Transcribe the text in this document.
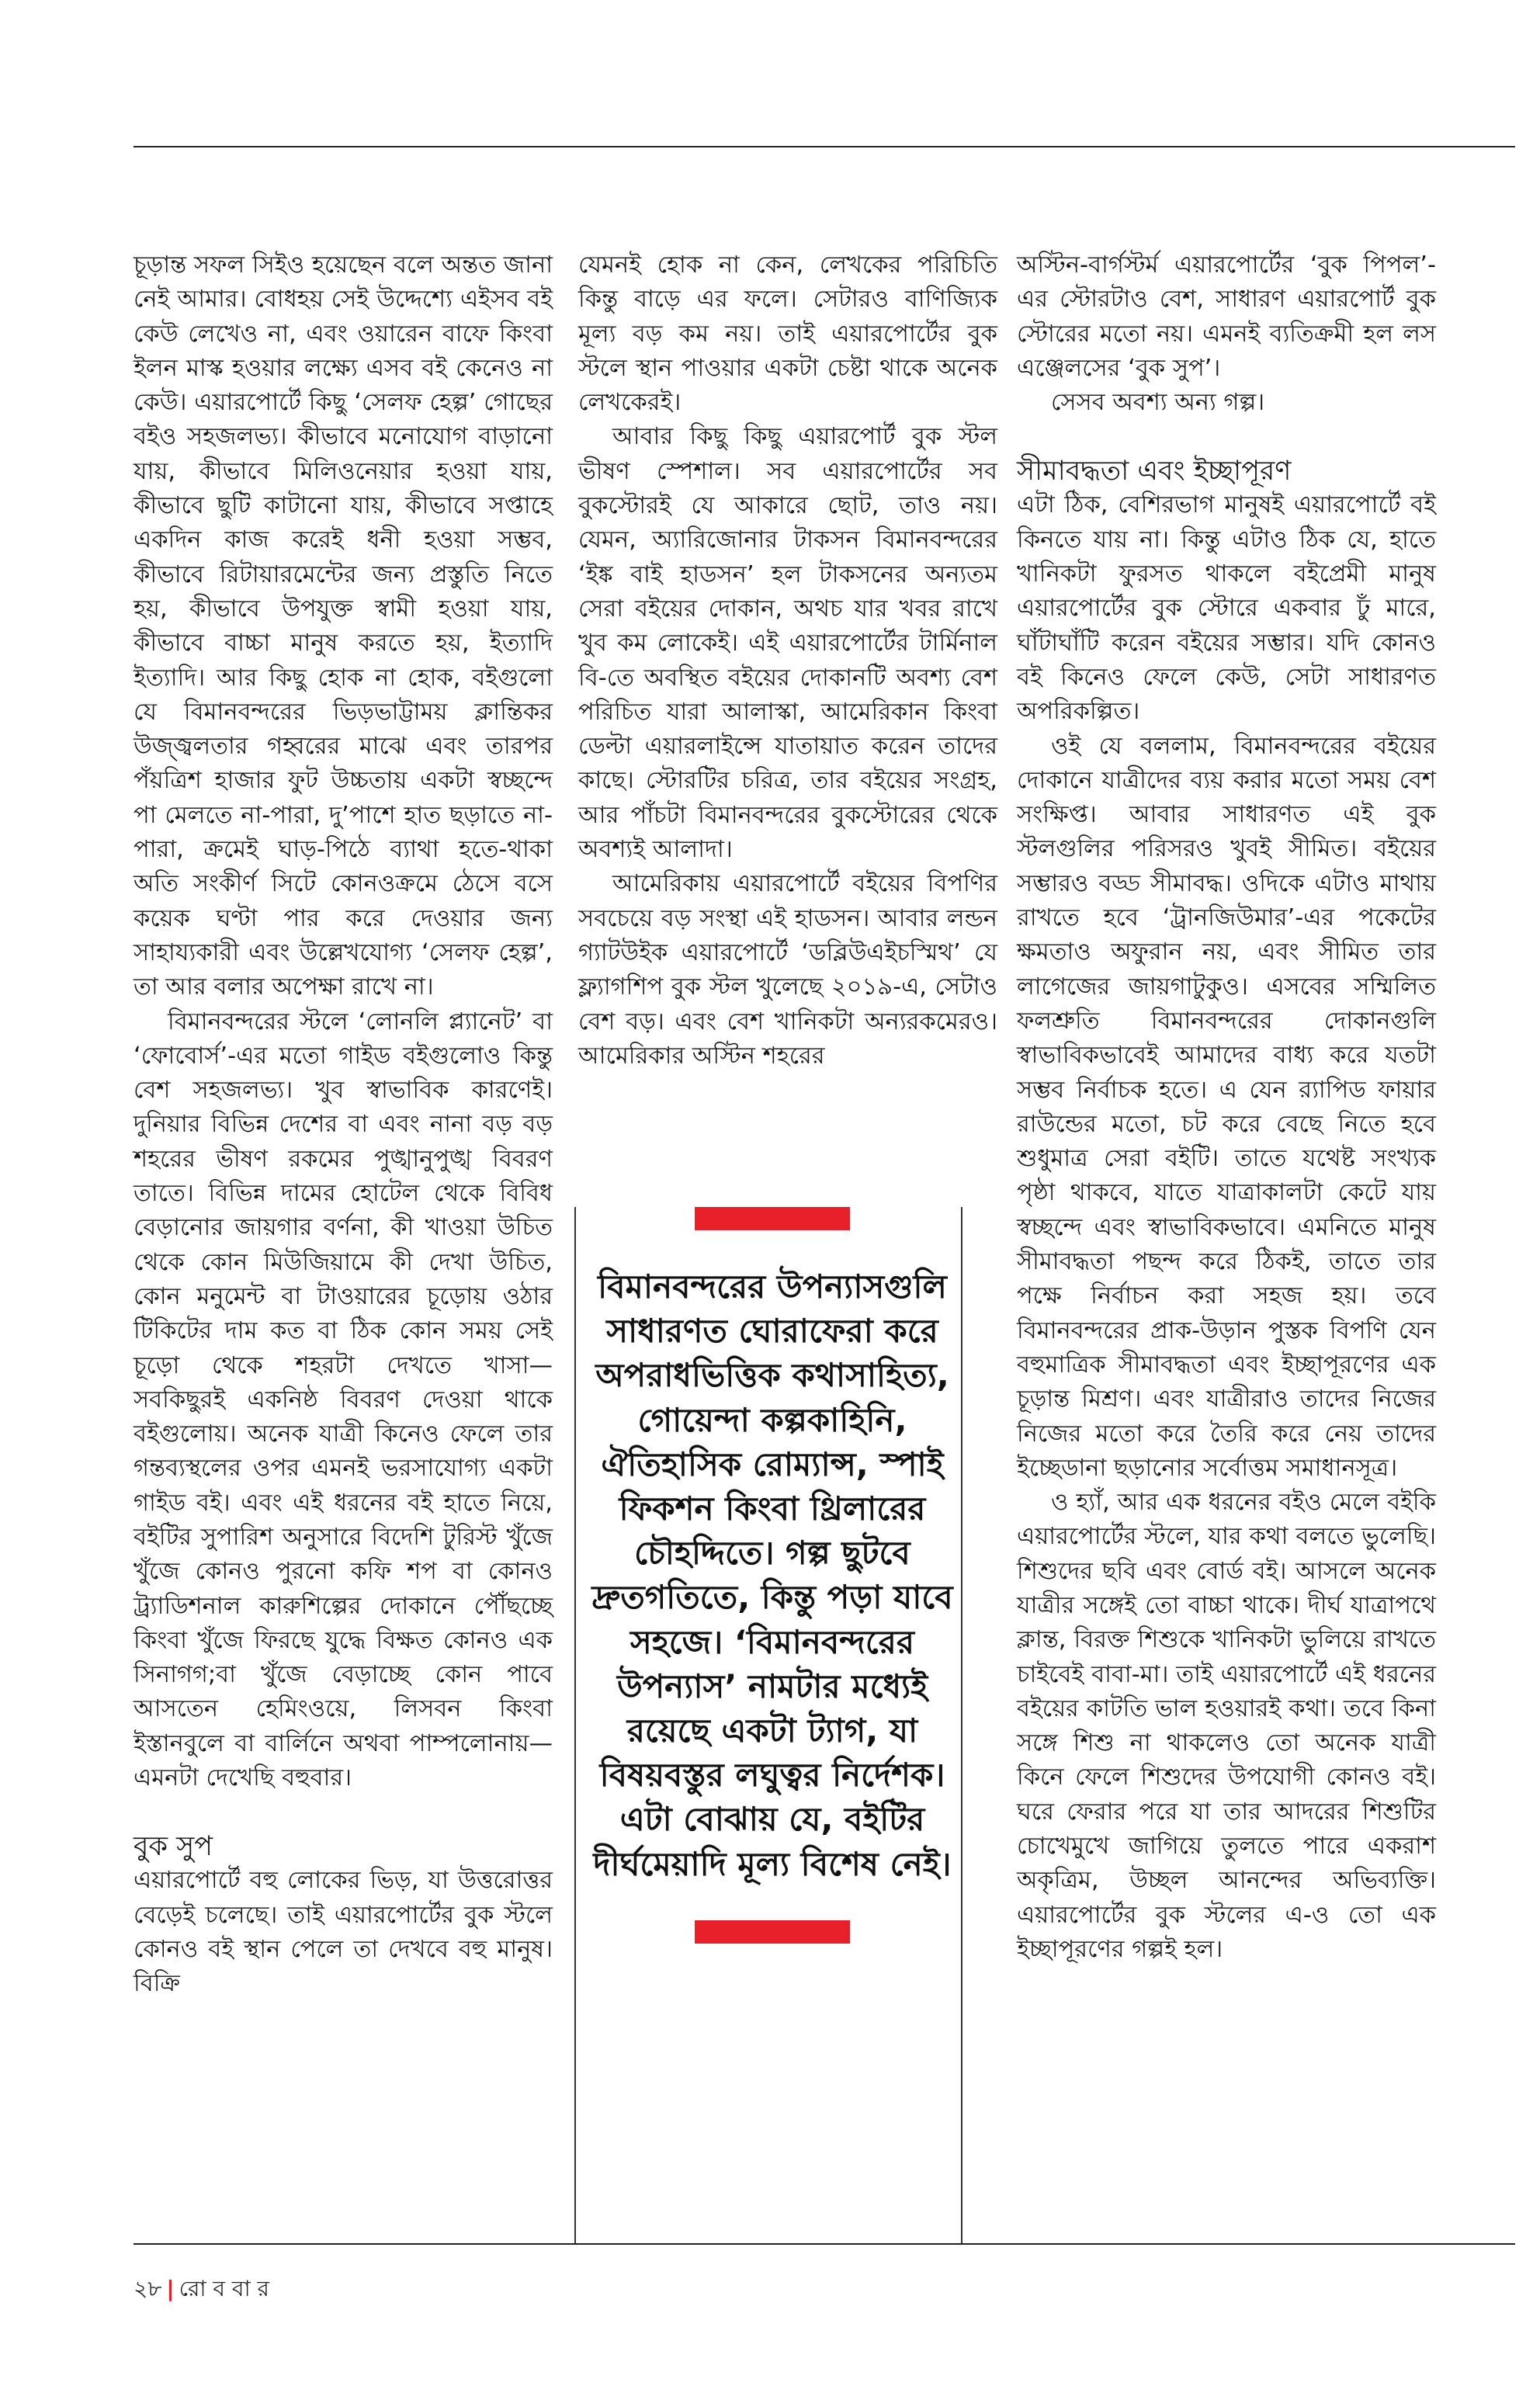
চূড়ান্ত সফল সিইও হয়েছেন বলে অন্তত জানা নেই আমার। বোধহয় সেই উদ্দেশ্যে এইসব বই কেউ লেখেও না, এবং ওয়ারেন বাফে কিংবা ইলন মাস্ক হওয়ার লক্ষ্যে এসব বই কেনেও না কেউ। এয়ারপোর্টে কিছু ‘সেলফ হেল্প’ গোছের বইও সহজলভ্য। কীভাবে মনোযোগ বাড়ানো যায়, কীভাবে মিলিওনেয়ার হওয়া যায়, কীভাবে ছুটি কাটানো যায়, কীভাবে সপ্তাহে একদিন কাজ করেই ধনী হওয়া সম্ভব, কীভাবে রিটায়ারমেন্টের জন্য প্রস্তুতি নিতে হয়, কীভাবে উপযুক্ত স্বামী হওয়া যায়, কীভাবে বাচ্চা মানুষ করতে হয়, ইত্যাদি ইত্যাদি। আর কিছু হোক না হোক, বইগুলো যে বিমানবন্দরের ভিড়ভাট্টাময় ক্লান্তিকর উজ্জ্বলতার গহ্বরের মাঝে এবং তারপর পঁয়ত্রিশ হাজার ফুট উচ্চতায় একটা স্বচ্ছন্দে পা মেলতে না-পারা, দু’পাশে হাত ছড়াতে না-পারা, ক্রমেই ঘাড়-পিঠে ব্যাথা হতে-থাকা অতি সংকীর্ণ সিটে কোনওক্রমে ঠেসে বসে কয়েক ঘণ্টা পার করে দেওয়ার জন্য সাহায্যকারী এবং উল্লেখযোগ্য ‘সেলফ হেল্প’, তা আর বলার অপেক্ষা রাখে না।

বিমানবন্দরের স্টলে ‘লোনলি প্ল্যানেট’ বা ‘ফোবোর্স’-এর মতো গাইড বইগুলোও কিন্তু বেশ সহজলভ্য। খুব স্বাভাবিক কারণেই। দুনিয়ার বিভিন্ন দেশের বা এবং নানা বড় বড় শহরের ভীষণ রকমের পুঙ্খানুপুঙ্খ বিবরণ তাতে। বিভিন্ন দামের হোটেল থেকে বিবিধ বেড়ানোর জায়গার বর্ণনা, কী খাওয়া উচিত থেকে কোন মিউজিয়ামে কী দেখা উচিত, কোন মনুমেন্ট বা টাওয়ারের চূড়োয় ওঠার টিকিটের দাম কত বা ঠিক কোন সময় সেই চূড়ো থেকে শহরটা দেখতে খাসা— সবকিছুরই একনিষ্ঠ বিবরণ দেওয়া থাকে বইগুলোয়। অনেক যাত্রী কিনেও ফেলে তার গন্তব্যস্থলের ওপর এমনই ভরসাযোগ্য একটা গাইড বই। এবং এই ধরনের বই হাতে নিয়ে, বইটির সুপারিশ অনুসারে বিদেশি টুরিস্ট খুঁজে খুঁজে কোনও পুরনো কফি শপ বা কোনও ট্র্যাডিশনাল কারুশিল্পের দোকানে পৌঁছচ্ছে কিংবা খুঁজে ফিরছে যুদ্ধে বিক্ষত কোনও এক সিনাগগ;বা খুঁজে বেড়াচ্ছে কোন পাবে আসতেন হেমিংওয়ে, লিসবন কিংবা ইস্তানবুলে বা বার্লিনে অথবা পাম্পলোনায়— এমনটা দেখেছি বহুবার।

বুক সুপ

এয়ারপোর্টে বহু লোকের ভিড়, যা উত্তরোত্তর বেড়েই চলেছে। তাই এয়ারপোর্টের বুক স্টলে কোনও বই স্থান পেলে তা দেখবে বহু মানুষ। বিক্রি

যেমনই হোক না কেন, লেখকের পরিচিতি কিন্তু বাড়ে এর ফলে। সেটারও বাণিজ্যিক মূল্য বড় কম নয়। তাই এয়ারপোর্টের বুক স্টলে স্থান পাওয়ার একটা চেষ্টা থাকে অনেক লেখকেরই।

আবার কিছু কিছু এয়ারপোর্ট বুক স্টল ভীষণ স্পেশাল। সব এয়ারপোর্টের সব বুকস্টোরই যে আকারে ছোট, তাও নয়। যেমন, অ্যারিজোনার টাকসন বিমানবন্দরের ‘ইঙ্ক বাই হাডসন’ হল টাকসনের অন্যতম সেরা বইয়ের দোকান, অথচ যার খবর রাখে খুব কম লোকেই। এই এয়ারপোর্টের টার্মিনাল বি-তে অবস্থিত বইয়ের দোকানটি অবশ্য বেশ পরিচিত যারা আলাস্কা, আমেরিকান কিংবা ডেল্টা এয়ারলাইন্সে যাতায়াত করেন তাদের কাছে। স্টোরটির চরিত্র, তার বইয়ের সংগ্রহ, আর পাঁচটা বিমানবন্দরের বুকস্টোরের থেকে অবশ্যই আলাদা।

আমেরিকায় এয়ারপোর্টে বইয়ের বিপণির সবচেয়ে বড় সংস্থা এই হাডসন। আবার লন্ডন গ্যাটউইক এয়ারপোর্টে ‘ডব্লিউএইচস্মিথ’ যে ফ্ল্যাগশিপ বুক স্টল খুলেছে ২০১৯-এ, সেটাও বেশ বড়। এবং বেশ খানিকটা অন্যরকমেরও। আমেরিকার অস্টিন শহরের

বিমানবন্দরের উপন্যাসগুলি সাধারণত ঘোরাফেরা করে অপরাধভিত্তিক কথাসাহিত্য, গোয়েন্দা কল্পকাহিনি, ঐতিহাসিক রোম্যান্স, স্পাই ফিকশন কিংবা থ্রিলারের চৌহদ্দিতে। গল্প ছুটবে দ্রুতগতিতে, কিন্তু পড়া যাবে সহজে। ‘বিমানবন্দরের উপন্যাস’ নামটার মধ্যেই রয়েছে একটা ট্যাগ, যা বিষয়বস্তুর লঘুত্বর নির্দেশক। এটা বোঝায় যে, বইটির দীর্ঘমেয়াদি মূল্য বিশেষ নেই।

অস্টিন-বার্গস্টর্ম এয়ারপোর্টের ‘বুক পিপল’-এর স্টোরটাও বেশ, সাধারণ এয়ারপোর্ট বুক স্টোরের মতো নয়। এমনই ব্যতিক্রমী হল লস এঞ্জেলসের ‘বুক সুপ’।

সেসব অবশ্য অন্য গল্প।

সীমাবদ্ধতা এবং ইচ্ছাপূরণ

এটা ঠিক, বেশিরভাগ মানুষই এয়ারপোর্টে বই কিনতে যায় না। কিন্তু এটাও ঠিক যে, হাতে খানিকটা ফুরসত থাকলে বইপ্রেমী মানুষ এয়ারপোর্টের বুক স্টোরে একবার ঢুঁ মারে, ঘাঁটাঘাঁটি করেন বইয়ের সম্ভার। যদি কোনও বই কিনেও ফেলে কেউ, সেটা সাধারণত অপরিকল্পিত।

ওই যে বললাম, বিমানবন্দরের বইয়ের দোকানে যাত্রীদের ব্যয় করার মতো সময় বেশ সংক্ষিপ্ত। আবার সাধারণত এই বুক স্টলগুলির পরিসরও খুবই সীমিত। বইয়ের সম্ভারও বড্ড সীমাবদ্ধ। ওদিকে এটাও মাথায় রাখতে হবে ‘ট্রানজিউমার’-এর পকেটের ক্ষমতাও অফুরান নয়, এবং সীমিত তার লাগেজের জায়গাটুকুও। এসবের সম্মিলিত ফলশ্রুতি বিমানবন্দরের দোকানগুলি স্বাভাবিকভাবেই আমাদের বাধ্য করে যতটা সম্ভব নির্বাচক হতে। এ যেন র‍্যাপিড ফায়ার রাউন্ডের মতো, চট করে বেছে নিতে হবে শুধুমাত্র সেরা বইটি। তাতে যথেষ্ট সংখ্যক পৃষ্ঠা থাকবে, যাতে যাত্রাকালটা কেটে যায় স্বচ্ছন্দে এবং স্বাভাবিকভাবে। এমনিতে মানুষ সীমাবদ্ধতা পছন্দ করে ঠিকই, তাতে তার পক্ষে নির্বাচন করা সহজ হয়। তবে বিমানবন্দরের প্রাক-উড়ান পুস্তক বিপণি যেন বহুমাত্রিক সীমাবদ্ধতা এবং ইচ্ছাপূরণের এক চূড়ান্ত মিশ্রণ। এবং যাত্রীরাও তাদের নিজের নিজের মতো করে তৈরি করে নেয় তাদের ইচ্ছেডানা ছড়ানোর সর্বোত্তম সমাধানসূত্র।

ও হ্যাঁ, আর এক ধরনের বইও মেলে বইকি এয়ারপোর্টের স্টলে, যার কথা বলতে ভুলেছি। শিশুদের ছবি এবং বোর্ড বই। আসলে অনেক যাত্রীর সঙ্গেই তো বাচ্চা থাকে। দীর্ঘ যাত্রাপথে ক্লান্ত, বিরক্ত শিশুকে খানিকটা ভুলিয়ে রাখতে চাইবেই বাবা-মা। তাই এয়ারপোর্টে এই ধরনের বইয়ের কাটতি ভাল হওয়ারই কথা। তবে কিনা সঙ্গে শিশু না থাকলেও তো অনেক যাত্রী কিনে ফেলে শিশুদের উপযোগী কোনও বই। ঘরে ফেরার পরে যা তার আদরের শিশুটির চোখেমুখে জাগিয়ে তুলতে পারে একরাশ অকৃত্রিম, উচ্ছল আনন্দের অভিব্যক্তি। এয়ারপোর্টের বুক স্টলের এ-ও তো এক ইচ্ছাপূরণের গল্পই হল।

২৮ | রো ব বা র
